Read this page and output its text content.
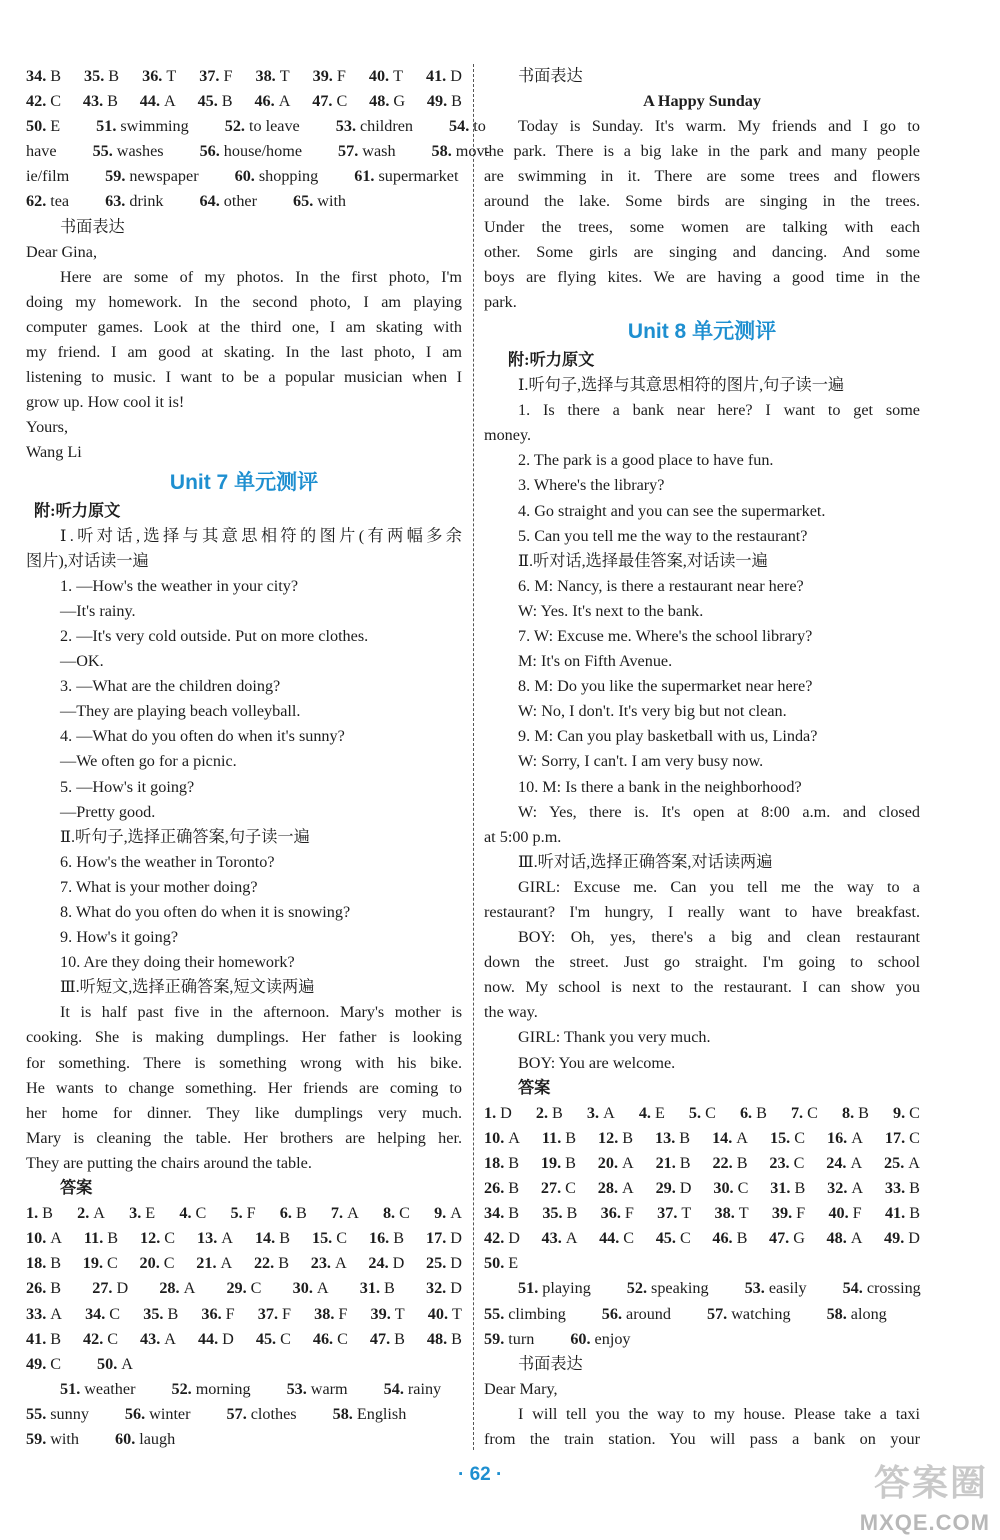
34. B 35. B 36. T 37. F 38. T 39. F 40. T 41. D
42. C 43. B 44. A 45. B 46. A 47. C 48. G 49. B
50. E	51. swimming	52. to leave	53. children	54. to
have	55. washes	56. house/home	57. wash	58. mov-
ie/film	59. newspaper	60. shopping	61. supermarket
62. tea	63. drink	64. other	65. with
书面表达
Dear Gina,
Here are some of my photos. In the first photo, I'm
doing my homework. In the second photo, I am playing
computer games. Look at the third one, I am skating with
my friend. I am good at skating. In the last photo, I am
listening to music. I want to be a popular musician when I
grow up. How cool it is!
Yours,
Wang Li
Unit 7 单元测评
附:听力原文
Ⅰ.听对话,选择与其意思相符的图片(有两幅多余
图片),对话读一遍
1. —How's the weather in your city?
—It's rainy.
2. —It's very cold outside. Put on more clothes.
—OK.
3. —What are the children doing?
—They are playing beach volleyball.
4. —What do you often do when it's sunny?
—We often go for a picnic.
5. —How's it going?
—Pretty good.
Ⅱ.听句子,选择正确答案,句子读一遍
6. How's the weather in Toronto?
7. What is your mother doing?
8. What do you often do when it is snowing?
9. How's it going?
10. Are they doing their homework?
Ⅲ.听短文,选择正确答案,短文读两遍
It is half past five in the afternoon. Mary's mother is
cooking. She is making dumplings. Her father is looking
for something. There is something wrong with his bike.
He wants to change something. Her friends are coming to
her home for dinner. They like dumplings very much.
Mary is cleaning the table. Her brothers are helping her.
They are putting the chairs around the table.
答案
1. B 2. A 3. E 4. C 5. F 6. B 7. A 8. C 9. A
10. A 11. B 12. C 13. A 14. B 15. C 16. B 17. D
18. B 19. C 20. C 21. A 22. B 23. A 24. D 25. D
26. B 27. D 28. A 29. C 30. A 31. B 32. D
33. A 34. C 35. B 36. F 37. F 38. F 39. T 40. T
41. B 42. C 43. A 44. D 45. C 46. C 47. B 48. B
49. C	50. A
51. weather	52. morning	53. warm	54. rainy
55. sunny	56. winter	57. clothes	58. English
59. with	60. laugh
书面表达
A Happy Sunday
Today is Sunday. It's warm. My friends and I go to
the park. There is a big lake in the park and many people
are swimming in it. There are some trees and flowers
around the lake. Some birds are singing in the trees.
Under the trees, some women are talking with each
other. Some girls are singing and dancing. And some
boys are flying kites. We are having a good time in the
park.
Unit 8 单元测评
附:听力原文
Ⅰ.听句子,选择与其意思相符的图片,句子读一遍
1. Is there a bank near here? I want to get some
money.
2. The park is a good place to have fun.
3. Where's the library?
4. Go straight and you can see the supermarket.
5. Can you tell me the way to the restaurant?
Ⅱ.听对话,选择最佳答案,对话读一遍
6. M: Nancy, is there a restaurant near here?
W: Yes. It's next to the bank.
7. W: Excuse me. Where's the school library?
M: It's on Fifth Avenue.
8. M: Do you like the supermarket near here?
W: No, I don't. It's very big but not clean.
9. M: Can you play basketball with us, Linda?
W: Sorry, I can't. I am very busy now.
10. M: Is there a bank in the neighborhood?
W: Yes, there is. It's open at 8:00 a.m. and closed
at 5:00 p.m.
Ⅲ.听对话,选择正确答案,对话读两遍
GIRL: Excuse me. Can you tell me the way to a
restaurant? I'm hungry, I really want to have breakfast.
BOY: Oh, yes, there's a big and clean restaurant
down the street. Just go straight. I'm going to school
now. My school is next to the restaurant. I can show you
the way.
GIRL: Thank you very much.
BOY: You are welcome.
答案
1. D 2. B 3. A 4. E 5. C 6. B 7. C 8. B 9. C
10. A 11. B 12. B 13. B 14. A 15. C 16. A 17. C
18. B 19. B 20. A 21. B 22. B 23. C 24. A 25. A
26. B 27. C 28. A 29. D 30. C 31. B 32. A 33. B
34. B 35. B 36. F 37. T 38. T 39. F 40. F 41. B
42. D 43. A 44. C 45. C 46. B 47. G 48. A 49. D
50. E
51. playing	52. speaking	53. easily	54. crossing
55. climbing	56. around	57. watching	58. along
59. turn	60. enjoy
书面表达
Dear Mary,
I will tell you the way to my house. Please take a taxi
from the train station. You will pass a bank on your
· 62 ·	答案圈
MXQE.COM
